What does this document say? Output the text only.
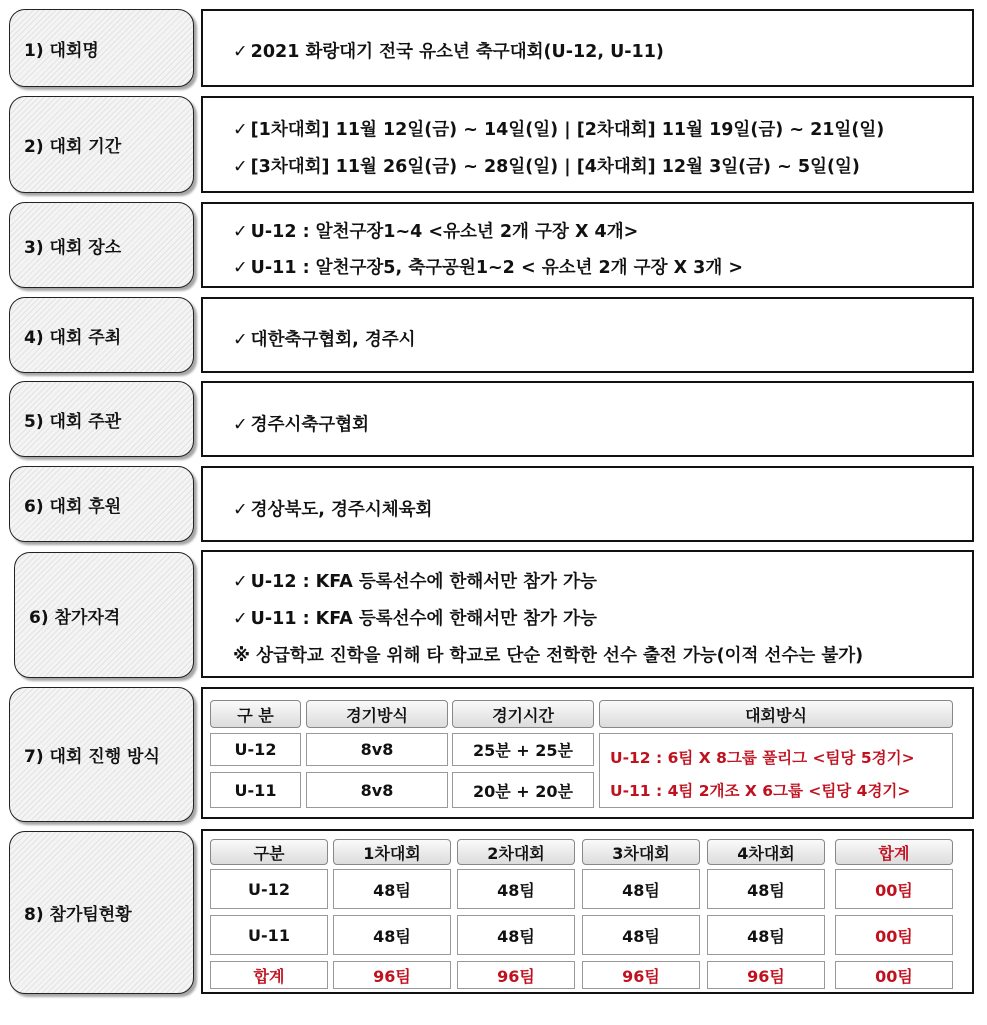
1) 대회명	✓ 2021 화랑대기 전국 유소년 축구대회(U-12, U-11)
2) 대회 기간
✓ [1차대회] 11월 12일(금) ~ 14일(일) | [2차대회] 11월 19일(금) ~ 21일(일)
✓ [3차대회] 11월 26일(금) ~ 28일(일) | [4차대회] 12월 3일(금) ~ 5일(일)
3) 대회 장소
✓ U-12 : 알천구장1~4 <유소년 2개 구장 X 4개>
✓ U-11 : 알천구장5, 축구공원1~2 < 유소년 2개 구장 X 3개 >
4) 대회 주최	✓ 대한축구협회, 경주시
5) 대회 주관	✓ 경주시축구협회
6) 대회 후원	✓ 경상북도, 경주시체육회
6) 참가자격
✓ U-12 : KFA 등록선수에 한해서만 참가 가능
✓ U-11 : KFA 등록선수에 한해서만 참가 가능
※ 상급학교 진학을 위해 타 학교로 단순 전학한 선수 출전 가능(이적 선수는 불가)
7) 대회 진행 방식
구 분	경기방식	경기시간	대회방식
U-12	8v8	25분 + 25분
U-11	8v8	20분 + 20분
U-12 : 6팀 X 8그룹 풀리그 <팀당 5경기>
U-11 : 4팀 2개조 X 6그룹 <팀당 4경기>
8) 참가팀현황
구분	1차대회	2차대회	3차대회	4차대회	합계
U-12	48팀	48팀	48팀	48팀	00팀
U-11	48팀	48팀	48팀	48팀	00팀
합계	96팀	96팀	96팀	96팀	00팀
